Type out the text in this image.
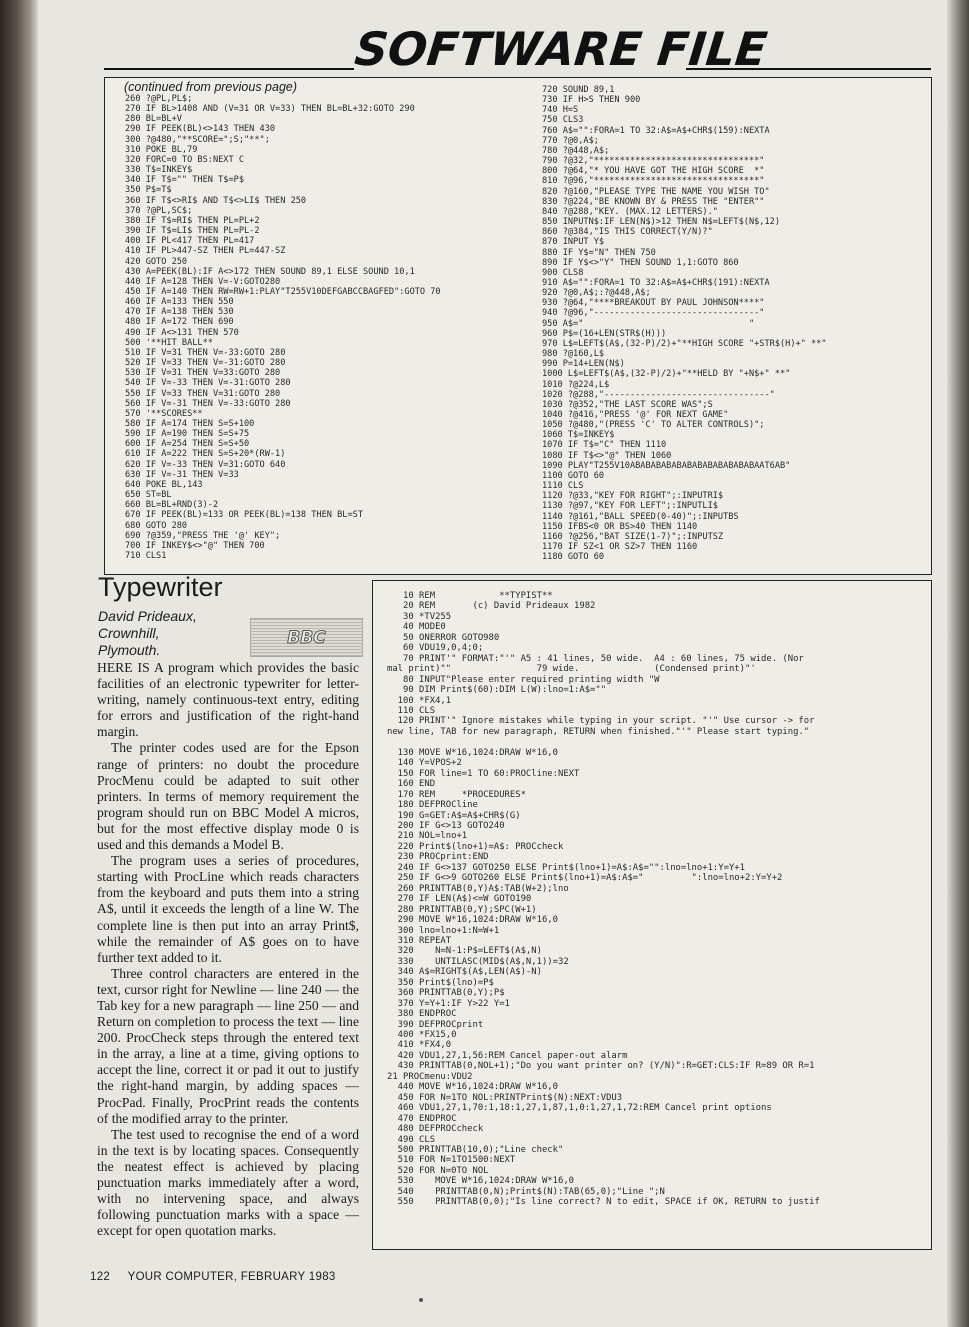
SOFTWARE FILE
260 ?@PL,PL$;
270 IF BL>1408 AND (V=31 OR V=33) THEN BL=BL+32:GOTO 290
280 BL=BL+V
290 IF PEEK(BL)<>143 THEN 430
300 ?@480,"**SCORE=";S;"**";
310 POKE BL,79
320 FORC=0 TO BS:NEXT C
330 T$=INKEY$
340 IF T$="" THEN T$=P$
350 P$=T$
360 IF T$<>RI$ AND T$<>LI$ THEN 250
370 ?@PL,SC$;
380 IF T$=RI$ THEN PL=PL+2
390 IF T$=LI$ THEN PL=PL-2
400 IF PL<417 THEN PL=417
410 IF PL>447-SZ THEN PL=447-SZ
420 GOTO 250
430 A=PEEK(BL):IF A<>172 THEN SOUND 89,1 ELSE SOUND 10,1
440 IF A=128 THEN V=-V:GOTO280
450 IF A=140 THEN RW=RW+1:PLAY"T255V10DEFGABCCBAGFED":GOTO 70
460 IF A=133 THEN 550
470 IF A=138 THEN 530
480 IF A=172 THEN 690
490 IF A<>131 THEN 570
500 '**HIT BALL**
510 IF V=31 THEN V=-33:GOTO 280
520 IF V=33 THEN V=-31:GOTO 280
530 IF V=31 THEN V=33:GOTO 280
540 IF V=-33 THEN V=-31:GOTO 280
550 IF V=33 THEN V=31:GOTO 280
560 IF V=-31 THEN V=-33:GOTO 280
570 '**SCORES**
580 IF A=174 THEN S=S+100
590 IF A=190 THEN S=S+75
600 IF A=254 THEN S=S+50
610 IF A=222 THEN S=S+20*(RW-1)
620 IF V=-33 THEN V=31:GOTO 640
630 IF V=-31 THEN V=33
640 POKE BL,143
650 ST=BL
660 BL=BL+RND(3)-2
670 IF PEEK(BL)=133 OR PEEK(BL)=138 THEN BL=ST
680 GOTO 280
690 ?@359,"PRESS THE '@' KEY";
700 IF INKEY$<>"@" THEN 700
710 CLS1
720 SOUND 89,1
730 IF H>S THEN 900
740 H=S
750 CLS3
760 A$="":FORA=1 TO 32:A$=A$+CHR$(159):NEXTA
770 ?@0,A$;
780 ?@448,A$;
790 ?@32,"********************************"
800 ?@64,"* YOU HAVE GOT THE HIGH SCORE  *"
810 ?@96,"********************************"
820 ?@160,"PLEASE TYPE THE NAME YOU WISH TO"
830 ?@224,"BE KNOWN BY & PRESS THE "ENTER""
840 ?@288,"KEY. (MAX.12 LETTERS)."
850 INPUTN$:IF LEN(N$)>12 THEN N$=LEFT$(N$,12)
860 ?@384,"IS THIS CORRECT(Y/N)?"
870 INPUT Y$
880 IF Y$="N" THEN 750
890 IF Y$<>"Y" THEN SOUND 1,1:GOTO 860
900 CLS8
910 A$="":FORA=1 TO 32:A$=A$+CHR$(191):NEXTA
920 ?@0,A$;:?@448,A$;
930 ?@64,"****BREAKOUT BY PAUL JOHNSON****"
940 ?@96,"--------------------------------"
950 A$="                                "
960 P$=(16+LEN(STR$(H)))
970 L$=LEFT$(A$,(32-P)/2)+"**HIGH SCORE "+STR$(H)+" **"
980 ?@160,L$
990 P=14+LEN(N$)
1000 L$=LEFT$(A$,(32-P)/2)+"**HELD BY "+N$+" **"
1010 ?@224,L$
1020 ?@288,"--------------------------------"
1030 ?@352,"THE LAST SCORE WAS";S
1040 ?@416,"PRESS '@' FOR NEXT GAME"
1050 ?@480,"(PRESS 'C' TO ALTER CONTROLS)";
1060 T$=INKEY$
1070 IF T$="C" THEN 1110
1080 IF T$<>"@" THEN 1060
1090 PLAY"T255V10ABABABABABABABABABABABABAAT6AB"
1100 GOTO 60
1110 CLS
1120 ?@33,"KEY FOR RIGHT";:INPUTRI$
1130 ?@97,"KEY FOR LEFT";:INPUTLI$
1140 ?@161,"BALL SPEED(0-40)";:INPUTBS
1150 IFBS<0 OR BS>40 THEN 1140
1160 ?@256,"BAT SIZE(1-7)";:INPUTSZ
1170 IF SZ<1 OR SZ>7 THEN 1160
1180 GOTO 60
(continued from previous page)
Typewriter
David Prideaux,
Crownhill,
Plymouth.
BBC

HERE IS A program which provides the basic facilities of an electronic typewriter for letter-writing, namely continuous-text entry, editing for errors and justification of the right-hand margin.

The printer codes used are for the Epson range of printers: no doubt the procedure ProcMenu could be adapted to suit other printers. In terms of memory requirement the program should run on BBC Model A micros, but for the most effective display mode 0 is used and this demands a Model B.

The program uses a series of procedures, starting with ProcLine which reads characters from the keyboard and puts them into a string A$, until it exceeds the length of a line W. The complete line is then put into an array Print$, while the remainder of A$ goes on to have further text added to it.

Three control characters are entered in the text, cursor right for Newline — line 240 — the Tab key for a new paragraph — line 250 — and Return on completion to process the text — line 200. ProcCheck steps through the entered text in the array, a line at a time, giving options to accept the line, correct it or pad it out to justify the right-hand margin, by adding spaces — ProcPad. Finally, ProcPrint reads the contents of the modified array to the printer.

The test used to recognise the end of a word in the text is by locating spaces. Consequently the neatest effect is achieved by placing punctuation marks immediately after a word, with no intervening space, and always following punctuation marks with a space — except for open quotation marks.

10 REM            **TYPIST**
20 REM       (c) David Prideaux 1982
30 *TV255
40 MODE0
50 ONERROR GOTO980
60 VDU19,0,4;0;
70 PRINT'" FORMAT:"'" A5 : 41 lines, 50 wide.  A4 : 60 lines, 75 wide. (Nor
mal print)""                79 wide.              (Condensed print)"'
80 INPUT"Please enter required printing width "W
90 DIM Print$(60):DIM L(W):lno=1:A$=""
100 *FX4,1
110 CLS
120 PRINT'" Ignore mistakes while typing in your script. "'" Use cursor -> for
new line, TAB for new paragraph, RETURN when finished."'" Please start typing."

130 MOVE W*16,1024:DRAW W*16,0
140 Y=VPOS+2
150 FOR line=1 TO 60:PROCline:NEXT
160 END
170 REM     *PROCEDURES*
180 DEFPROCline
190 G=GET:A$=A$+CHR$(G)
200 IF G<>13 GOTO240
210 NOL=lno+1
220 Print$(lno+1)=A$: PROCcheck
230 PROCprint:END
240 IF G<>137 GOTO250 ELSE Print$(lno+1)=A$:A$="":lno=lno+1:Y=Y+1
250 IF G<>9 GOTO260 ELSE Print$(lno+1)=A$:A$="         ":lno=lno+2:Y=Y+2
260 PRINTTAB(0,Y)A$:TAB(W+2);lno
270 IF LEN(A$)<=W GOTO190
280 PRINTTAB(0,Y);SPC(W+1)
290 MOVE W*16,1024:DRAW W*16,0
300 lno=lno+1:N=W+1
310 REPEAT
320    N=N-1:P$=LEFT$(A$,N)
330    UNTILASC(MID$(A$,N,1))=32
340 A$=RIGHT$(A$,LEN(A$)-N)
350 Print$(lno)=P$
360 PRINTTAB(0,Y);P$
370 Y=Y+1:IF Y>22 Y=1
380 ENDPROC
390 DEFPROCprint
400 *FX15,0
410 *FX4,0
420 VDU1,27,1,56:REM Cancel paper-out alarm
430 PRINTTAB(0,NOL+1);"Do you want printer on? (Y/N)":R=GET:CLS:IF R=89 OR R=1
21 PROCmenu:VDU2
440 MOVE W*16,1024:DRAW W*16,0
450 FOR N=1TO NOL:PRINTPrint$(N):NEXT:VDU3
460 VDU1,27,1,70:1,18:1,27,1,87,1,0:1,27,1,72:REM Cancel print options
470 ENDPROC
480 DEFPROCcheck
490 CLS
500 PRINTTAB(10,0);"Line check"
510 FOR N=1TO1500:NEXT
520 FOR N=0TO NOL
530    MOVE W*16,1024:DRAW W*16,0
540    PRINTTAB(0,N);Print$(N):TAB(65,0);"Line ";N
550    PRINTTAB(0,0);"Is line correct? N to edit, SPACE if OK, RETURN to justif
122 YOUR COMPUTER, FEBRUARY 1983
